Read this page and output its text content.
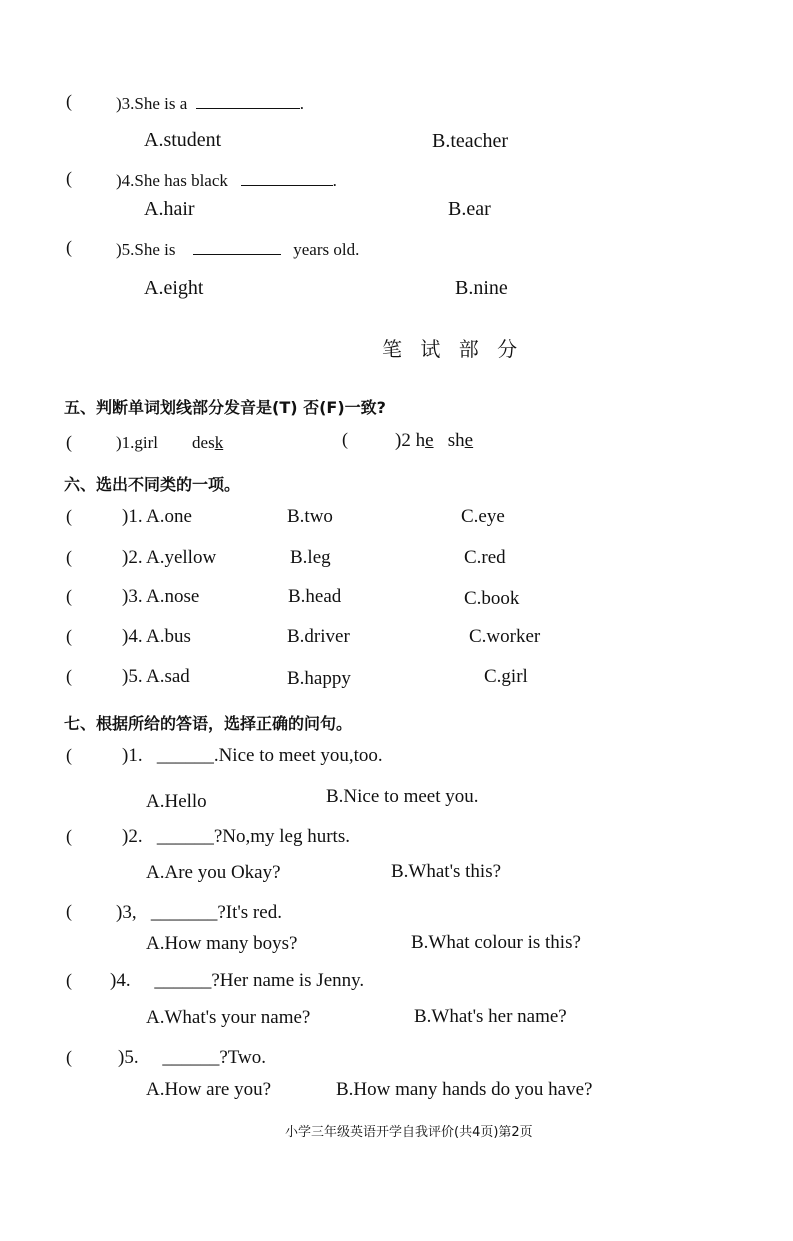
(	)3.She is a	.
A.student	B.teacher
(	)4.She has black	.
A.hair	B.ear
(	)5.She is	years old.
A.eight	B.nine
笔 试 部 分
五、判断单词划线部分发音是(T) 否(F)一致?
(	)1.girl desk	( )2 he she
六、选出不同类的一项。
(	)1. A.one	B.two	C.eye
(	)2. A.yellow	B.leg	C.red
(	)3. A.nose	B.head	C.book
(	)4. A.bus	B.driver	C.worker
(	)5. A.sad	B.happy	C.girl
七、根据所给的答语，选择正确的问句。
(	)1. ______.Nice to meet you,too.
A.Hello	B.Nice to meet you.
(	)2. ______?No,my leg hurts.
A.Are you Okay?	B.What's this?
( )3, _______?It's red.
A.How many boys?	B.What colour is this?
( )4. ______?Her name is Jenny.
A.What's your name?	B.What's her name?
( )5. ______?Two.
A.How are you?	B.How many hands do you have?
小学三年级英语开学自我评价(共4页)第2页
